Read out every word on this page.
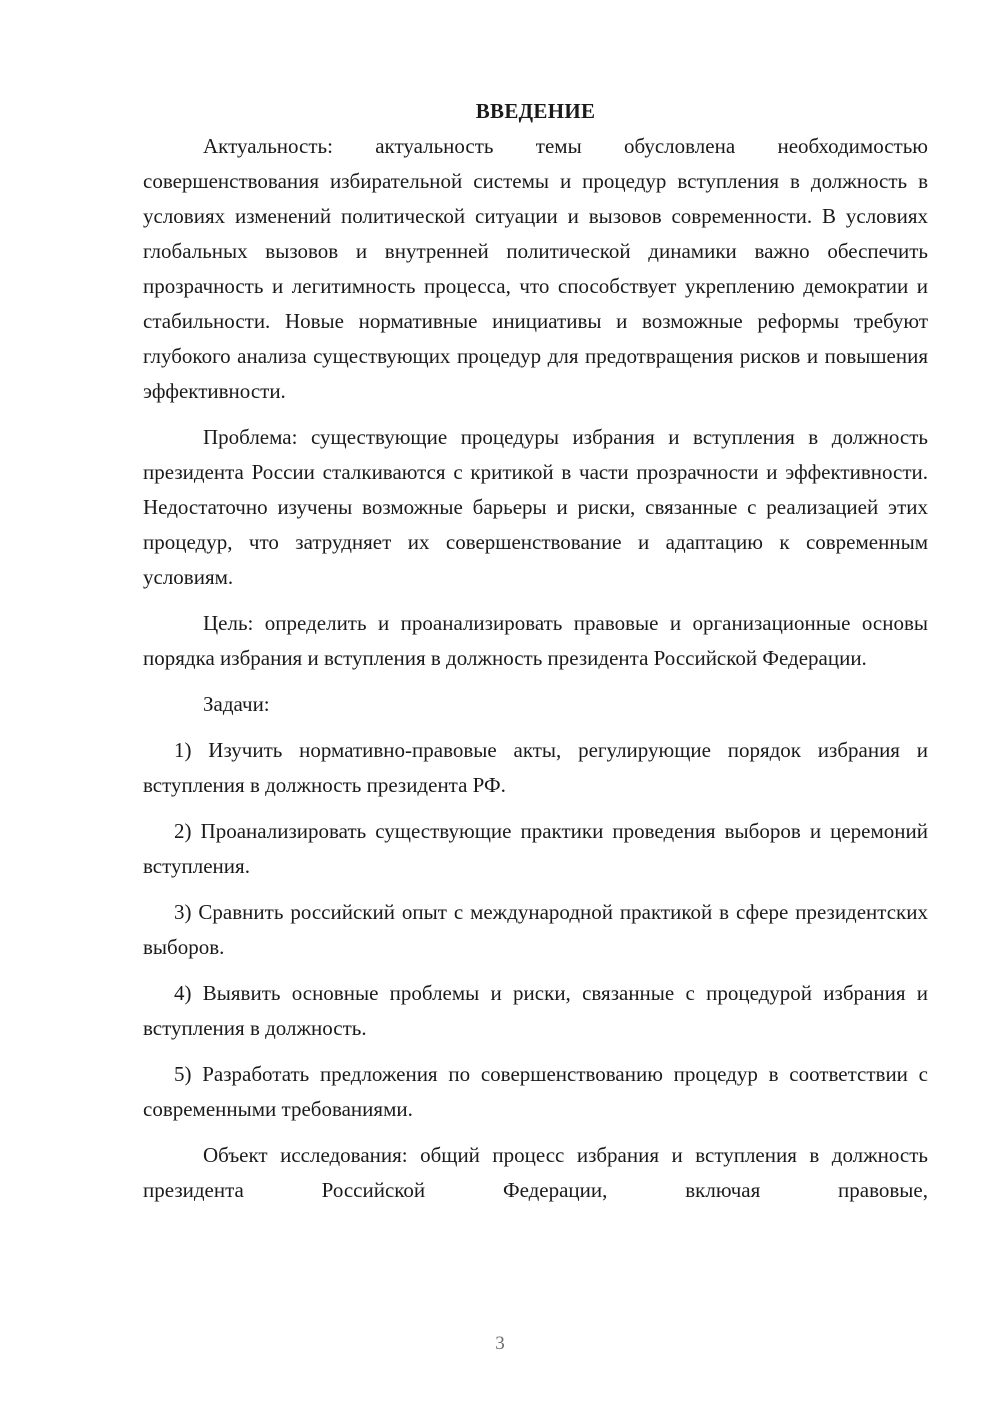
ВВЕДЕНИЕ

Актуальность: актуальность темы обусловлена необходимостью совершенствования избирательной системы и процедур вступления в должность в условиях изменений политической ситуации и вызовов современности. В условиях глобальных вызовов и внутренней политической динамики важно обеспечить прозрачность и легитимность процесса, что способствует укреплению демократии и стабильности. Новые нормативные инициативы и возможные реформы требуют глубокого анализа существующих процедур для предотвращения рисков и повышения эффективности.

Проблема: существующие процедуры избрания и вступления в должность президента России сталкиваются с критикой в части прозрачности и эффективности. Недостаточно изучены возможные барьеры и риски, связанные с реализацией этих процедур, что затрудняет их совершенствование и адаптацию к современным условиям.

Цель: определить и проанализировать правовые и организационные основы порядка избрания и вступления в должность президента Российской Федерации.

Задачи:

1) Изучить нормативно-правовые акты, регулирующие порядок избрания и вступления в должность президента РФ.

2) Проанализировать существующие практики проведения выборов и церемоний вступления.

3) Сравнить российский опыт с международной практикой в сфере президентских выборов.

4) Выявить основные проблемы и риски, связанные с процедурой избрания и вступления в должность.

5) Разработать предложения по совершенствованию процедур в соответствии с современными требованиями.

Объект исследования: общий процесс избрания и вступления в должность президента Российской Федерации, включая правовые,

3
